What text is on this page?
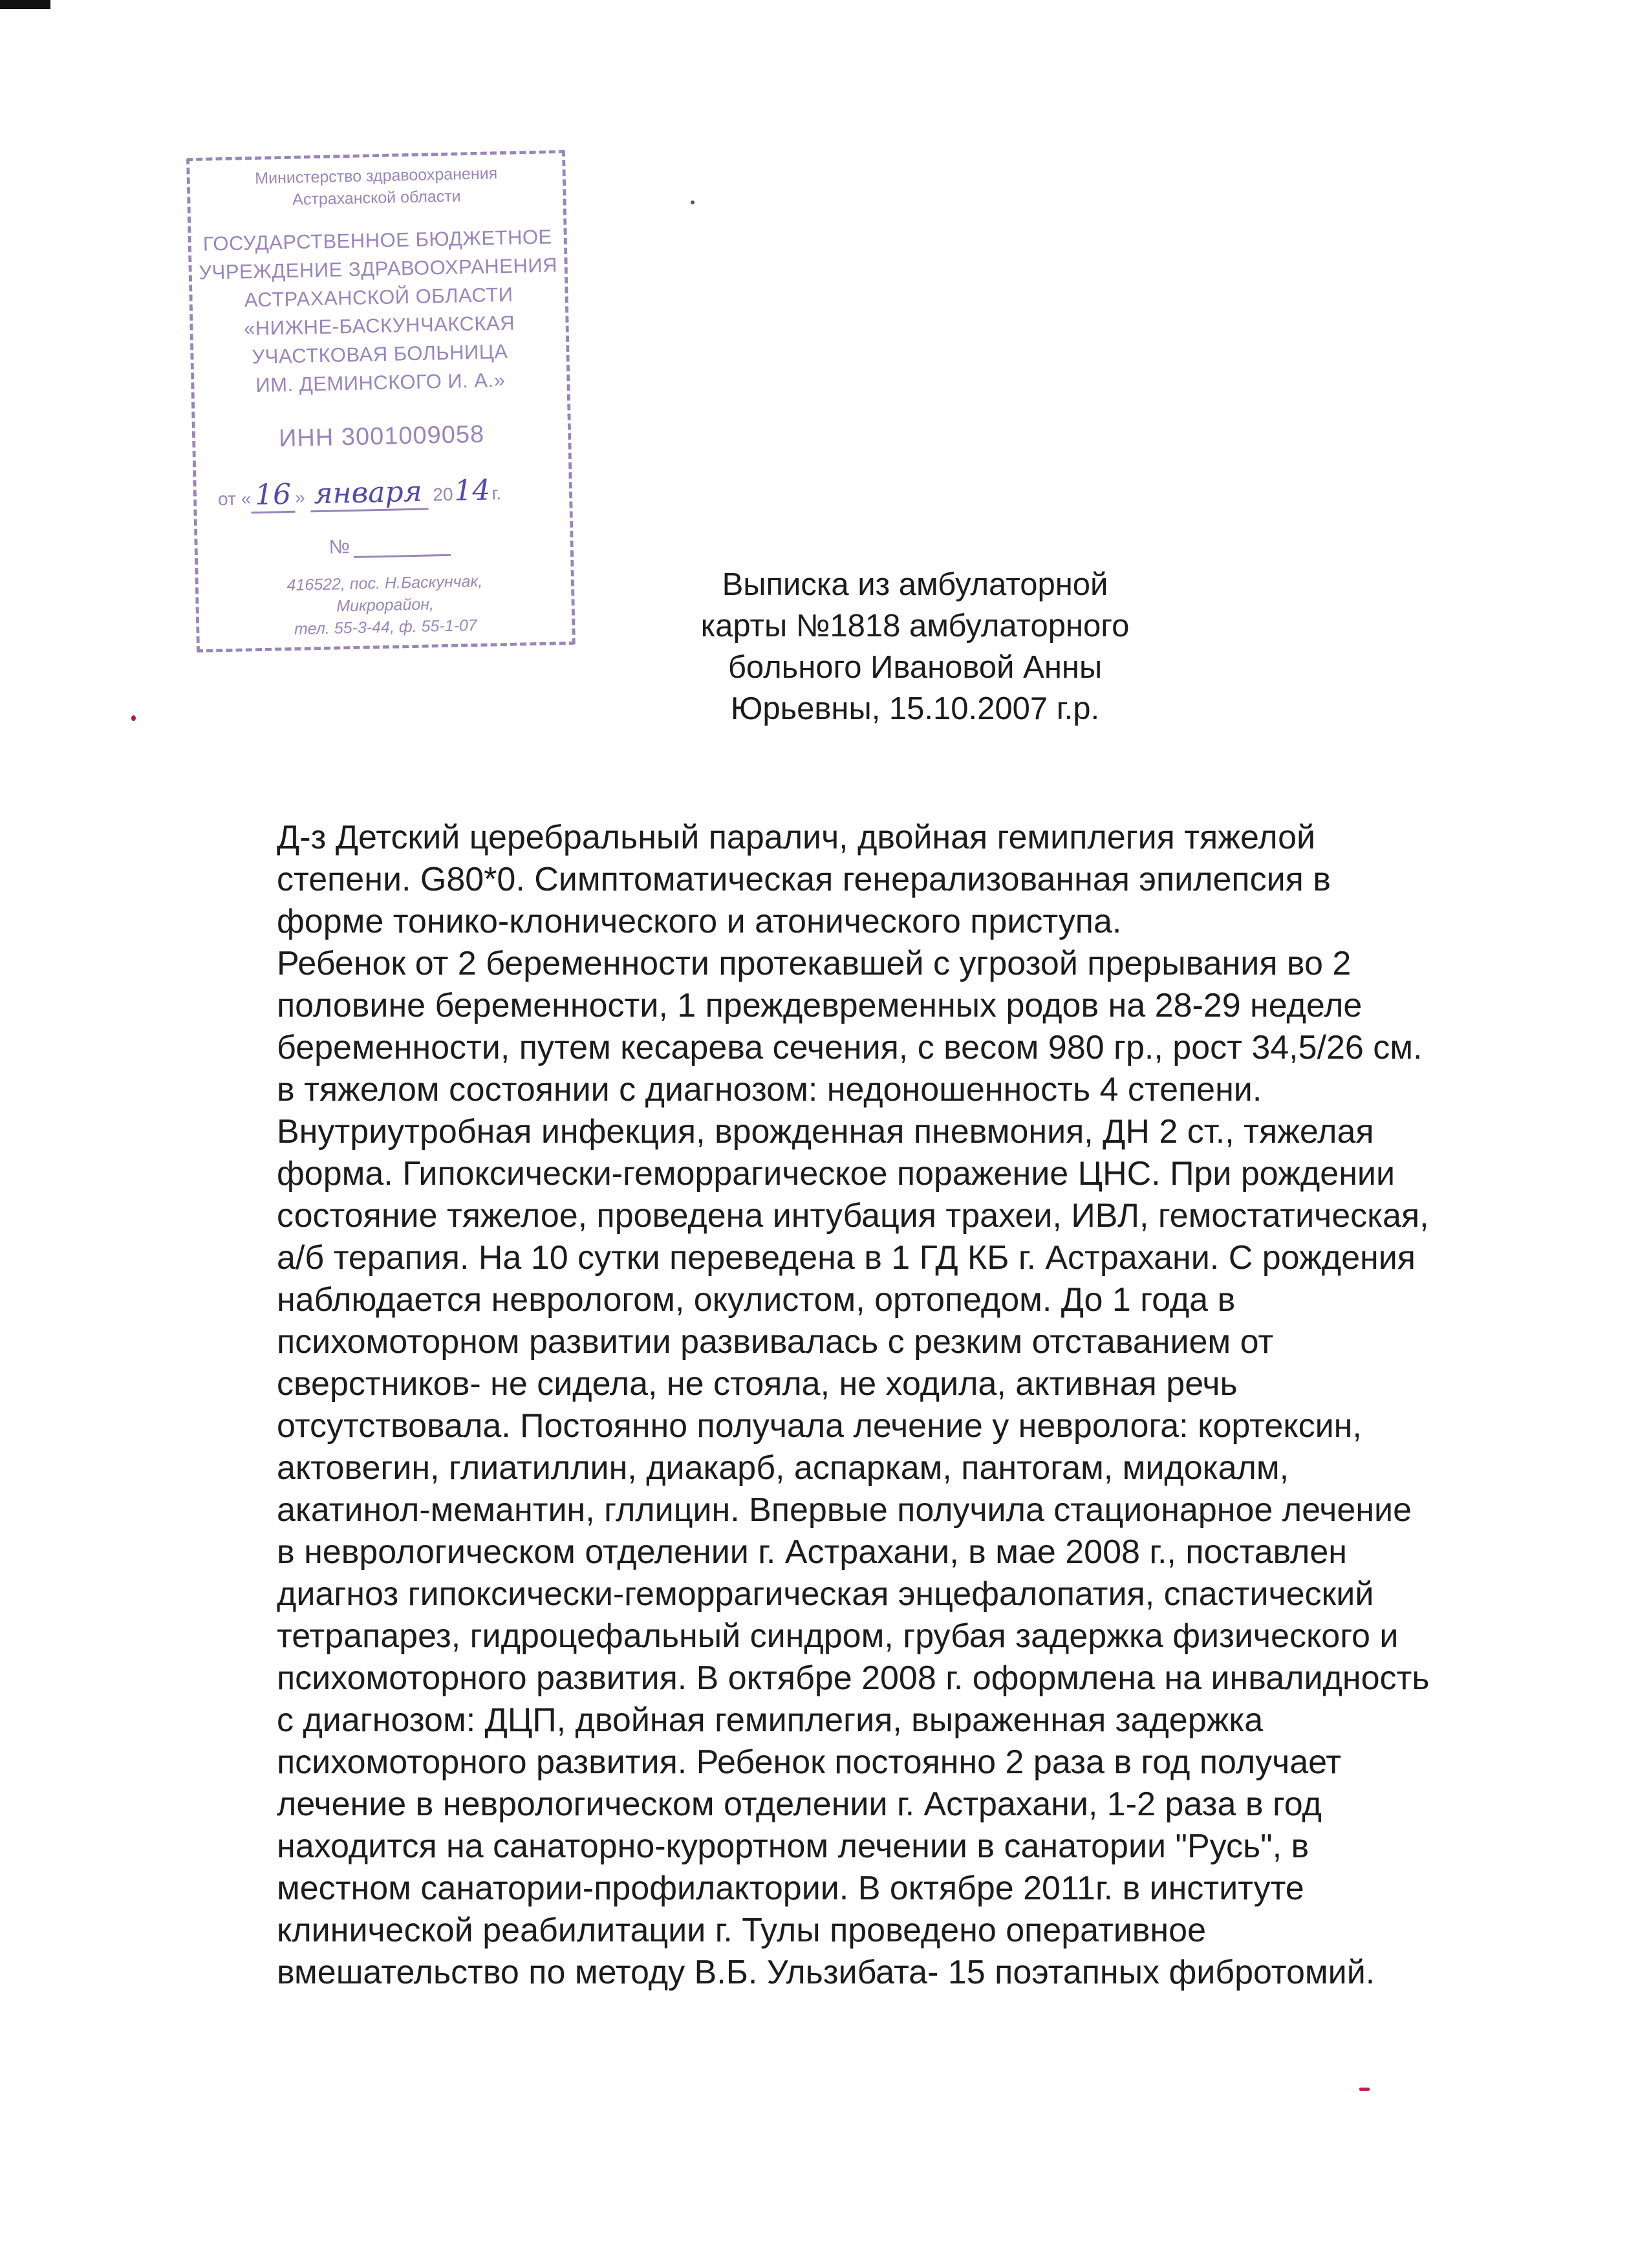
Министерство здравоохранения
Астраханской области
ГОСУДАРСТВЕННОЕ БЮДЖЕТНОЕ
УЧРЕЖДЕНИЕ ЗДРАВООХРАНЕНИЯ
АСТРАХАНСКОЙ ОБЛАСТИ
«НИЖНЕ-БАСКУНЧАКСКАЯ
УЧАСТКОВАЯ БОЛЬНИЦА
ИМ. ДЕМИНСКОГО И. А.»
ИНН 3001009058
от « 16 » января 2014г.
№
416522, пос. Н.Баскунчак,
Микрорайон,
тел. 55-3-44, ф. 55-1-07
Выписка из амбулаторной
карты №1818 амбулаторного
больного Ивановой Анны
Юрьевны, 15.10.2007 г.р.
Д-з Детский церебральный паралич, двойная гемиплегия тяжелой
степени. G80*0. Симптоматическая генерализованная эпилепсия в
форме тонико-клонического и атонического приступа.
Ребенок от 2 беременности протекавшей с угрозой прерывания во 2
половине беременности, 1 преждевременных родов на 28-29 неделе
беременности, путем кесарева сечения, с весом 980 гр., рост 34,5/26 см.
в тяжелом состоянии с диагнозом: недоношенность 4 степени.
Внутриутробная инфекция, врожденная пневмония, ДН 2 ст., тяжелая
форма. Гипоксически-геморрагическое поражение ЦНС. При рождении
состояние тяжелое, проведена интубация трахеи, ИВЛ, гемостатическая,
а/б терапия. На 10 сутки переведена в 1 ГД КБ г. Астрахани. С рождения
наблюдается неврологом, окулистом, ортопедом. До 1 года в
психомоторном развитии развивалась с резким отставанием от
сверстников- не сидела, не стояла, не ходила, активная речь
отсутствовала. Постоянно получала лечение у невролога: кортексин,
актовегин, глиатиллин, диакарб, аспаркам, пантогам, мидокалм,
акатинол-мемантин, гллицин. Впервые получила стационарное лечение
в неврологическом отделении г. Астрахани, в мае 2008 г., поставлен
диагноз гипоксически-геморрагическая энцефалопатия, спастический
тетрапарез, гидроцефальный синдром, грубая задержка физического и
психомоторного развития. В октябре 2008 г. оформлена на инвалидность
с диагнозом: ДЦП, двойная гемиплегия, выраженная задержка
психомоторного развития. Ребенок постоянно 2 раза в год получает
лечение в неврологическом отделении г. Астрахани, 1-2 раза в год
находится на санаторно-курортном лечении в санатории "Русь", в
местном санатории-профилактории. В октябре 2011г. в институте
клинической реабилитации г. Тулы проведено оперативное
вмешательство по методу В.Б. Ульзибата- 15 поэтапных фибротомий.
